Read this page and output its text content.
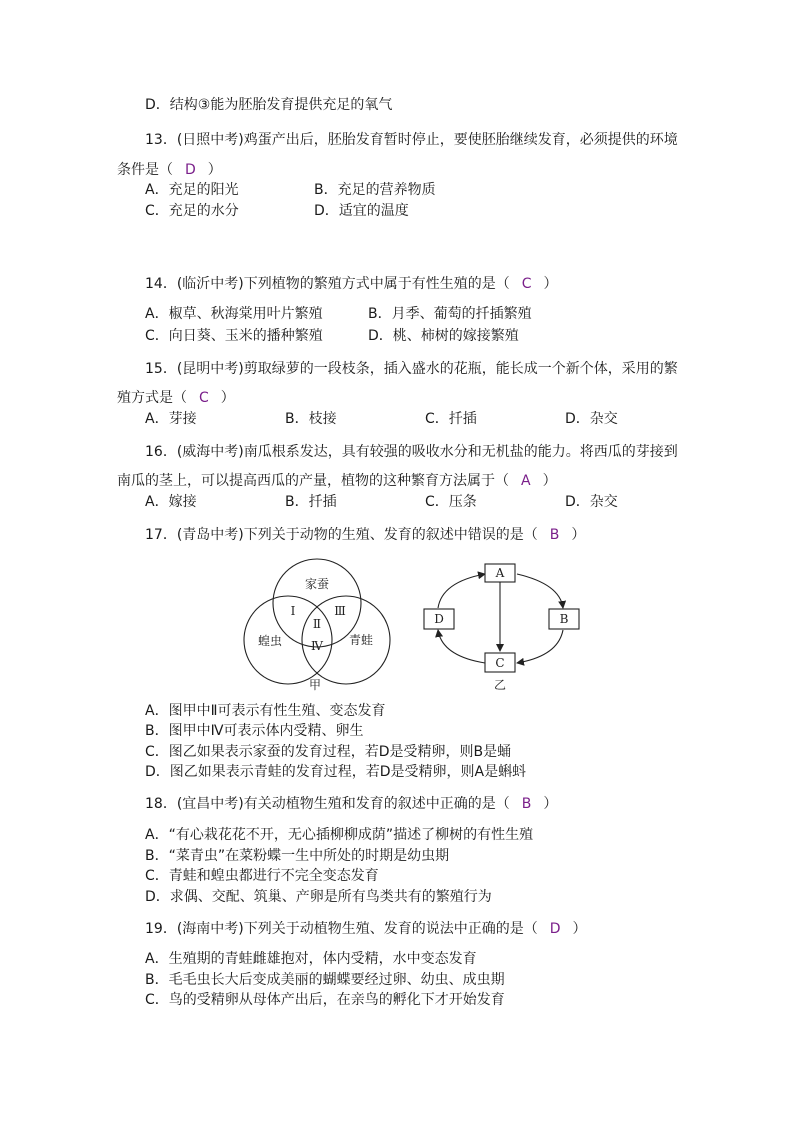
D．结构③能为胚胎发育提供充足的氧气
13．(日照中考)鸡蛋产出后，胚胎发育暂时停止，要使胚胎继续发育，必须提供的环境
条件是（ D ）
A．充足的阳光	B．充足的营养物质
C．充足的水分	D．适宜的温度
14．(临沂中考)下列植物的繁殖方式中属于有性生殖的是（ C ）
A．椒草、秋海棠用叶片繁殖	B．月季、葡萄的扦插繁殖
C．向日葵、玉米的播种繁殖	D．桃、柿树的嫁接繁殖
15．(昆明中考)剪取绿萝的一段枝条，插入盛水的花瓶，能长成一个新个体，采用的繁
殖方式是（ C ）
A．芽接	B．枝接	C．扦插	D．杂交
16．(威海中考)南瓜根系发达，具有较强的吸收水分和无机盐的能力。将西瓜的芽接到
南瓜的茎上，可以提高西瓜的产量，植物的这种繁育方法属于（ A ）
A．嫁接	B．扦插	C．压条	D．杂交
17．(青岛中考)下列关于动物的生殖、发育的叙述中错误的是（ B ）
家蚕
蝗虫	青蛙
Ⅰ
Ⅱ
Ⅲ
Ⅳ
甲
A
B
C
D
乙
A．图甲中Ⅱ可表示有性生殖、变态发育
B．图甲中Ⅳ可表示体内受精、卵生
C．图乙如果表示家蚕的发育过程，若D是受精卵，则B是蛹
D．图乙如果表示青蛙的发育过程，若D是受精卵，则A是蝌蚪
18．(宜昌中考)有关动植物生殖和发育的叙述中正确的是（ B ）
A．“有心栽花花不开，无心插柳柳成荫”描述了柳树的有性生殖
B．“菜青虫”在菜粉蝶一生中所处的时期是幼虫期
C．青蛙和蝗虫都进行不完全变态发育
D．求偶、交配、筑巢、产卵是所有鸟类共有的繁殖行为
19．(海南中考)下列关于动植物生殖、发育的说法中正确的是（ D ）
A．生殖期的青蛙雌雄抱对，体内受精，水中变态发育
B．毛毛虫长大后变成美丽的蝴蝶要经过卵、幼虫、成虫期
C．鸟的受精卵从母体产出后，在亲鸟的孵化下才开始发育
